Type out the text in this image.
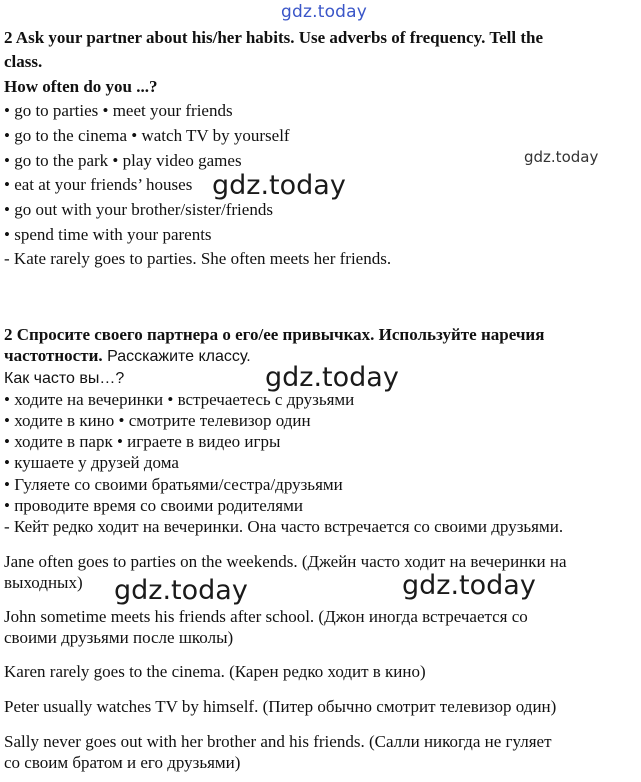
gdz.today
gdz.today
2 Ask your partner about his/her habits. Use adverbs of frequency. Tell the
class.
How often do you ...?
• go to parties • meet your friends
• go to the cinema • watch TV by yourself
• go to the park • play video games
• eat at your friends’ houses
• go out with your brother/sister/friends
• spend time with your parents
- Kate rarely goes to parties. She often meets her friends.
2 Спросите своего партнера о его/ее привычках. Используйте наречия
частотности. Расскажите классу.
Как часто вы…?
• ходите на вечеринки • встречаетесь с друзьями
• ходите в кино • смотрите телевизор один
• ходите в парк • играете в видео игры
• кушаете у друзей дома
• Гуляете со своими братьями/сестра/друзьями
• проводите время со своими родителями
- Кейт редко ходит на вечеринки. Она часто встречается со своими друзьями.
Jane often goes to parties on the weekends. (Джейн часто ходит на вечеринки на
выходных)
John sometime meets his friends after school. (Джон иногда встречается со
своими друзьями после школы)
Karen rarely goes to the cinema. (Карен редко ходит в кино)
Peter usually watches TV by himself. (Питер обычно смотрит телевизор один)
Sally never goes out with her brother and his friends. (Салли никогда не гуляет
со своим братом и его друзьями)
gdz.today
gdz.today
gdz.today	gdz.today
